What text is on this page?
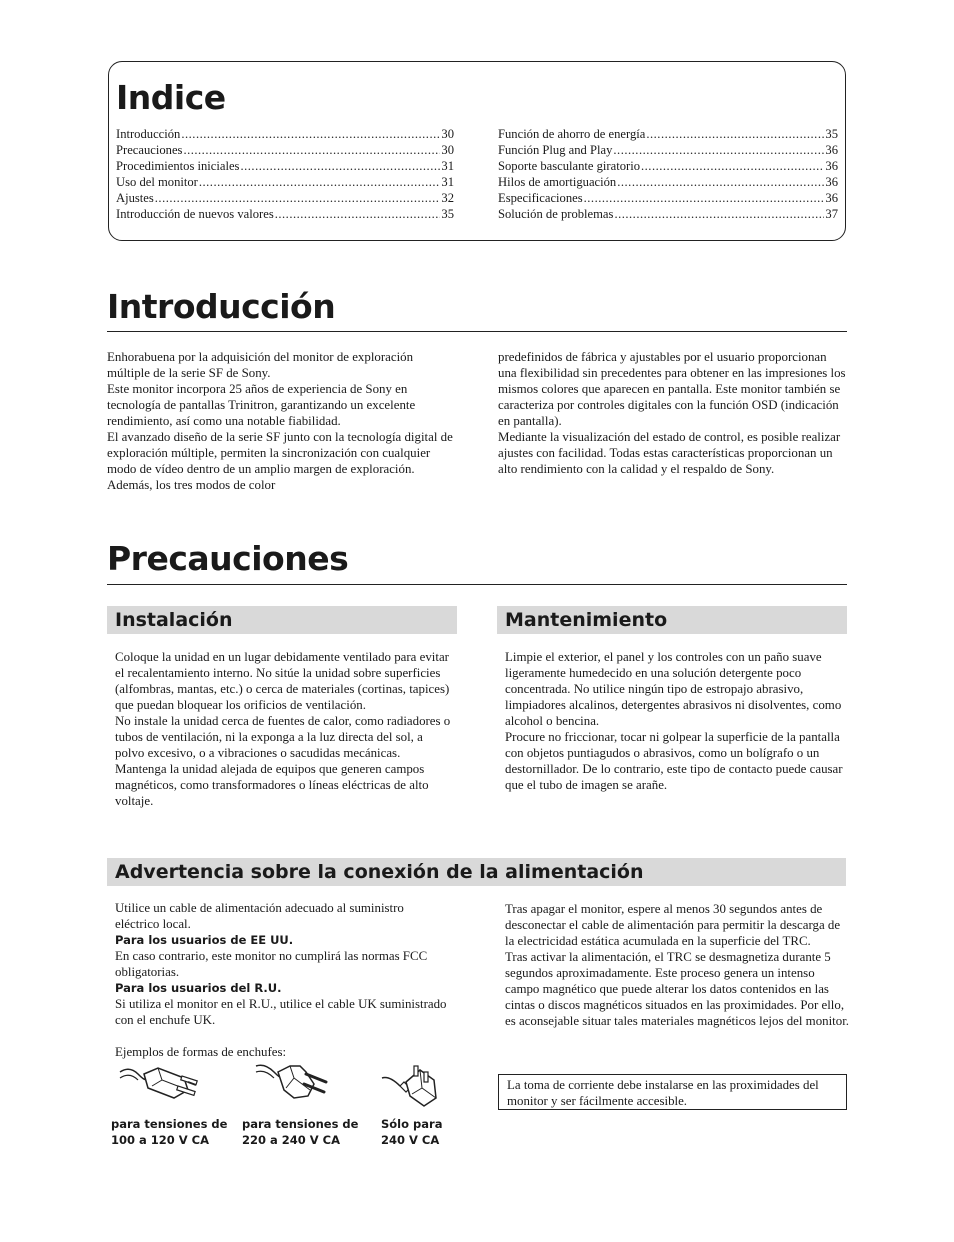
Indice
Introducción .....	30
Precauciones .....	30
Procedimientos iniciales .....	31
Uso del monitor .....	31
Ajustes .....	32
Introducción de nuevos valores .....	35
Función de ahorro de energía .....	35
Función Plug and Play .....	36
Soporte basculante giratorio .....	36
Hilos de amortiguación .....	36
Especificaciones .....	36
Solución de problemas .....	37
Introducción

Enhorabuena por la adquisición del monitor de exploración múltiple de la serie SF de Sony.

Este monitor incorpora 25 años de experiencia de Sony en tecnología de pantallas Trinitron, garantizando un excelente rendimiento, así como una notable fiabilidad.

El avanzado diseño de la serie SF junto con la tecnología digital de exploración múltiple, permiten la sincronización con cualquier modo de vídeo dentro de un amplio margen de exploración. Además, los tres modos de color

predefinidos de fábrica y ajustables por el usuario proporcionan una flexibilidad sin precedentes para obtener en las impresiones los mismos colores que aparecen en pantalla. Este monitor también se caracteriza por controles digitales con la función OSD (indicación en pantalla).

Mediante la visualización del estado de control, es posible realizar ajustes con facilidad. Todas estas características proporcionan un alto rendimiento con la calidad y el respaldo de Sony.

Precauciones
Instalación	Mantenimiento

Coloque la unidad en un lugar debidamente ventilado para evitar el recalentamiento interno. No sitúe la unidad sobre superficies (alfombras, mantas, etc.) o cerca de materiales (cortinas, tapices) que puedan bloquear los orificios de ventilación.

No instale la unidad cerca de fuentes de calor, como radiadores o tubos de ventilación, ni la exponga a la luz directa del sol, a polvo excesivo, o a vibraciones o sacudidas mecánicas.

Mantenga la unidad alejada de equipos que generen campos magnéticos, como transformadores o líneas eléctricas de alto voltaje.

Limpie el exterior, el panel y los controles con un paño suave ligeramente humedecido en una solución detergente poco concentrada. No utilice ningún tipo de estropajo abrasivo, limpiadores alcalinos, detergentes abrasivos ni disolventes, como alcohol o bencina.

Procure no friccionar, tocar ni golpear la superficie de la pantalla con objetos puntiagudos o abrasivos, como un bolígrafo o un destornillador. De lo contrario, este tipo de contacto puede causar que el tubo de imagen se arañe.

Advertencia sobre la conexión de la alimentación

Utilice un cable de alimentación adecuado al suministro eléctrico local.

Para los usuarios de EE UU.

En caso contrario, este monitor no cumplirá las normas FCC obligatorias.

Para los usuarios del R.U.

Si utiliza el monitor en el R.U., utilice el cable UK suministrado con el enchufe UK.

Ejemplos de formas de enchufes:

para tensiones de
100 a 120 V CA
para tensiones de
220 a 240 V CA
Sólo para
240 V CA

Tras apagar el monitor, espere al menos 30 segundos antes de desconectar el cable de alimentación para permitir la descarga de la electricidad estática acumulada en la superficie del TRC.

Tras activar la alimentación, el TRC se desmagnetiza durante 5 segundos aproximadamente. Este proceso genera un intenso campo magnético que puede alterar los datos contenidos en las cintas o discos magnéticos situados en las proximidades. Por ello, es aconsejable situar tales materiales magnéticos lejos del monitor.

La toma de corriente debe instalarse en las proximidades del monitor y ser fácilmente accesible.
